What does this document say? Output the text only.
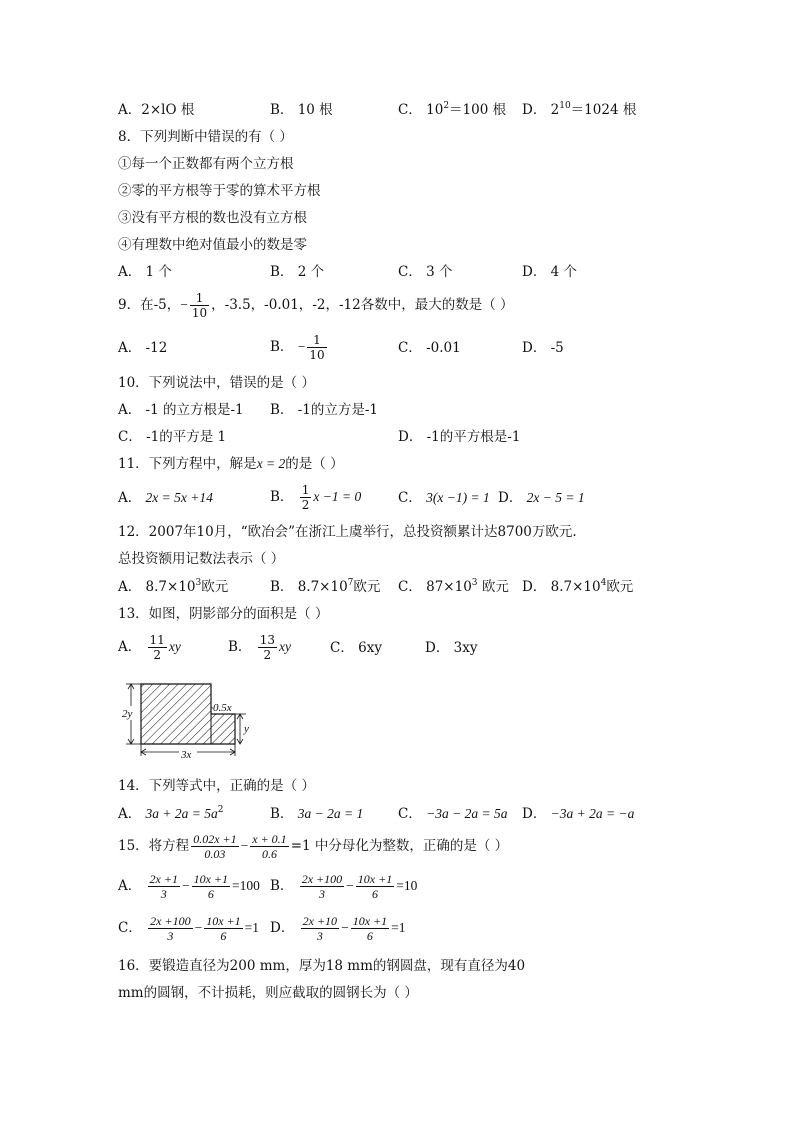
A．2×lO 根	B． 10 根	C． $10^2=100$ 根 D． $2^{10}=1024$ 根
8．下列判断中错误的有（ ）
①每一个正数都有两个立方根
②零的平方根等于零的算术平方根
③没有平方根的数也没有立方根
④有理数中绝对值最小的数是零
A． 1 个	B． 2 个	C． 3 个	D． 4 个
9．在-5，− $\frac{1}{10}$ ，-3.5，-0.01，-2，-12各数中，最大的数是（ ）
A． -12	B． − $\frac{1}{10}$	C． -0.01	D． -5
10．下列说法中，错误的是（ ）
A． -1 的立方根是-1 B． -1的立方是-1
C． -1的平方是 1	D． -1的平方根是-1
11．下列方程中，解是x = 2的是（ ）
A． 2x = 5x +14	B． $\frac{1}{2}$ x −1 = 0	C． 3(x −1) = 1 D． 2x − 5 = 1
12．2007年10月，“欧冶会”在浙江上虞举行，总投资额累计达8700万欧元.
总投资额用记数法表示（ ）
A． $8.7\times 10^3$欧元	B． $8.7\times 10^7$欧元 C． $87\times 10^3$ 欧元 D． $8.7\times 10^4$欧元
13．如图，阴影部分的面积是（ ）
A． $\frac{11}{2}$ xy	B． $\frac{13}{2}$ xy	C． 6xy	D． 3xy
2y	0.5x
y
3x
14．下列等式中，正确的是（ ）
A． $3a + 2a = 5a^2$	B． 3a − 2a = 1	C． −3a − 2a = 5a D． −3a + 2a = −a
15．将方程 $\frac{0.02x +1}{0.03} - \frac{x + 0.1}{0.6} =1$ 中分母化为整数，正确的是（ ）
A． $\frac{2x +1}{3} - \frac{10x +1}{6} =100$ B． $\frac{2x +100}{3} - \frac{10x +1}{6} =10$
C． $\frac{2x +100}{3} - \frac{10x +1}{6} =1$ D． $\frac{2x +10}{3} - \frac{10x +1}{6} =1$
16．要锻造直径为200 mm，厚为18 mm的钢圆盘，现有直径为40
mm的圆钢，不计损耗，则应截取的圆钢长为（ ）
